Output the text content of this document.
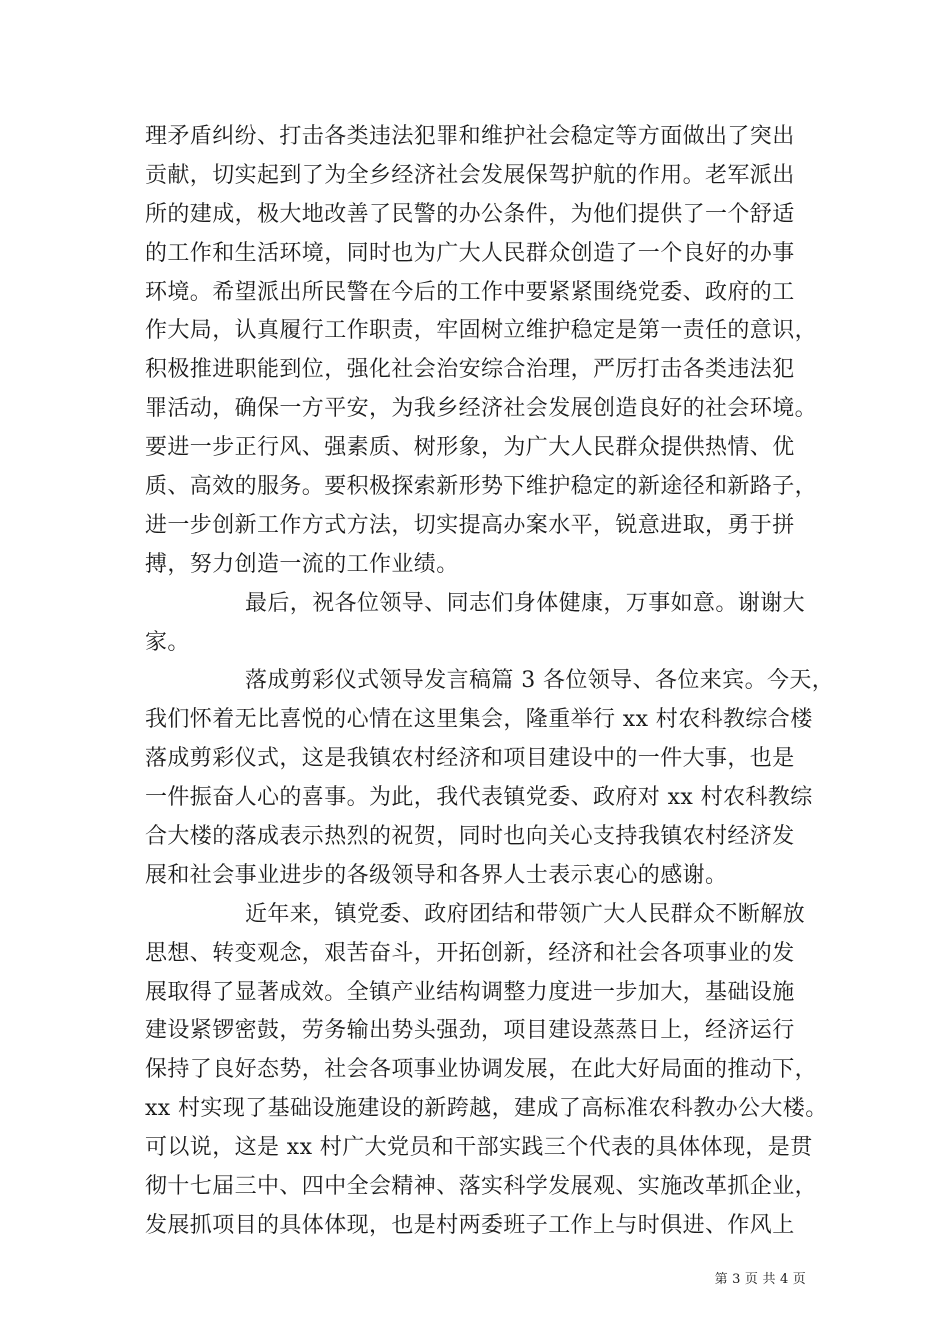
理矛盾纠纷、打击各类违法犯罪和维护社会稳定等方面做出了突出
贡献，切实起到了为全乡经济社会发展保驾护航的作用。老军派出
所的建成，极大地改善了民警的办公条件，为他们提供了一个舒适
的工作和生活环境，同时也为广大人民群众创造了一个良好的办事
环境。希望派出所民警在今后的工作中要紧紧围绕党委、政府的工
作大局，认真履行工作职责，牢固树立维护稳定是第一责任的意识，
积极推进职能到位，强化社会治安综合治理，严厉打击各类违法犯
罪活动，确保一方平安，为我乡经济社会发展创造良好的社会环境。
要进一步正行风、强素质、树形象，为广大人民群众提供热情、优
质、高效的服务。要积极探索新形势下维护稳定的新途径和新路子，
进一步创新工作方式方法，切实提高办案水平，锐意进取，勇于拼
搏，努力创造一流的工作业绩。
最后，祝各位领导、同志们身体健康，万事如意。谢谢大
家。
落成剪彩仪式领导发言稿篇 3 各位领导、各位来宾。今天，
我们怀着无比喜悦的心情在这里集会，隆重举行 xx 村农科教综合楼
落成剪彩仪式，这是我镇农村经济和项目建设中的一件大事，也是
一件振奋人心的喜事。为此，我代表镇党委、政府对 xx 村农科教综
合大楼的落成表示热烈的祝贺，同时也向关心支持我镇农村经济发
展和社会事业进步的各级领导和各界人士表示衷心的感谢。
近年来，镇党委、政府团结和带领广大人民群众不断解放
思想、转变观念，艰苦奋斗，开拓创新，经济和社会各项事业的发
展取得了显著成效。全镇产业结构调整力度进一步加大，基础设施
建设紧锣密鼓，劳务输出势头强劲，项目建设蒸蒸日上，经济运行
保持了良好态势，社会各项事业协调发展，在此大好局面的推动下，
xx 村实现了基础设施建设的新跨越，建成了高标准农科教办公大楼。
可以说，这是 xx 村广大党员和干部实践三个代表的具体体现，是贯
彻十七届三中、四中全会精神、落实科学发展观、实施改革抓企业，
发展抓项目的具体体现，也是村两委班子工作上与时俱进、作风上
第 3 页 共 4 页
